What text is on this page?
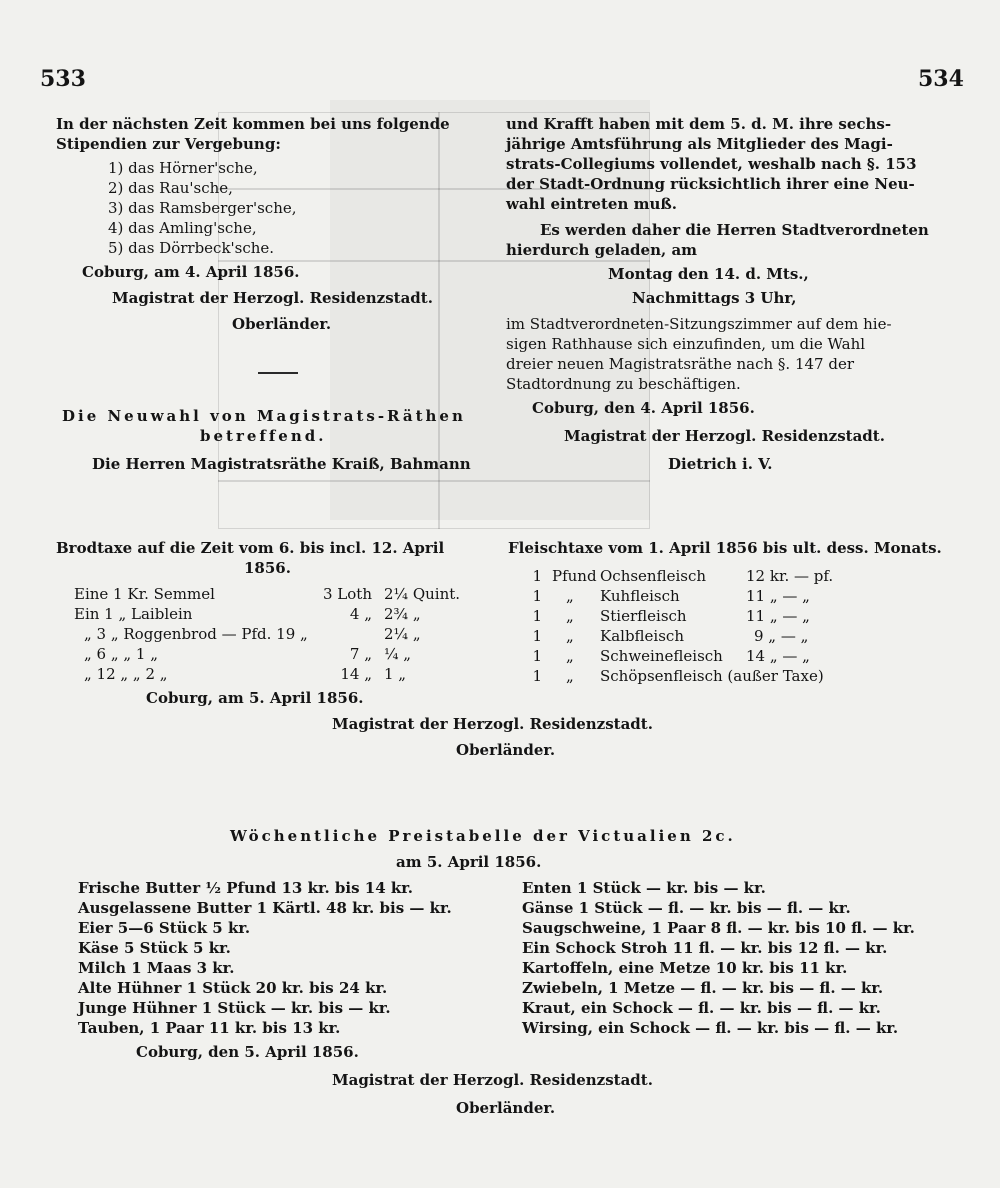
533	534
In der nächsten Zeit kommen bei uns folgende
Stipendien zur Vergebung:
1) das Hörner'sche,
2) das Rau'sche,
3) das Ramsberger'sche,
4) das Amling'sche,
5) das Dörrbeck'sche.
Coburg, am 4. April 1856.
Magistrat der Herzogl. Residenzstadt.
Oberländer.
Die Neuwahl von Magistrats-Räthen
betreffend.
Die Herren Magistratsräthe Kraiß, Bahmann
und Krafft haben mit dem 5. d. M. ihre sechs-
jährige Amtsführung als Mitglieder des Magi-
strats-Collegiums vollendet, weshalb nach §. 153
der Stadt-Ordnung rücksichtlich ihrer eine Neu-
wahl eintreten muß.
Es werden daher die Herren Stadtverordneten
hierdurch geladen, am
Montag den 14. d. Mts.,
Nachmittags 3 Uhr,
im Stadtverordneten-Sitzungszimmer auf dem hie-
sigen Rathhause sich einzufinden, um die Wahl
dreier neuen Magistratsräthe nach §. 147 der
Stadtordnung zu beschäftigen.
Coburg, den 4. April 1856.
Magistrat der Herzogl. Residenzstadt.
Dietrich i. V.
Brodtaxe auf die Zeit vom 6. bis incl. 12. April
1856.
Eine 1 Kr. Semmel	3 Loth 2¼ Quint.
Ein 1 „ Laiblein	4 „ 2¾ „
„ 3 „ Roggenbrod — Pfd. 19 „	2¼ „
„ 6 „ „ 1 „	7 „ ¼ „
„ 12 „ „ 2 „	14 „ 1 „
Coburg, am 5. April 1856.
Magistrat der Herzogl. Residenzstadt.
Oberländer.
Fleischtaxe vom 1. April 1856 bis ult. dess. Monats.
1 Pfund Ochsenfleisch	12 kr. — pf.
1 „ Kuhfleisch	11 „ — „
1 „ Stierfleisch	11 „ — „
1 „ Kalbfleisch	9 „ — „
1 „ Schweinefleisch 14 „ — „
1 „ Schöpsenfleisch (außer Taxe)
Wöchentliche Preistabelle der Victualien 2c.
am 5. April 1856.
Frische Butter ½ Pfund 13 kr. bis 14 kr.
Ausgelassene Butter 1 Kärtl. 48 kr. bis — kr.
Eier 5—6 Stück 5 kr.
Käse 5 Stück 5 kr.
Milch 1 Maas 3 kr.
Alte Hühner 1 Stück 20 kr. bis 24 kr.
Junge Hühner 1 Stück — kr. bis — kr.
Tauben, 1 Paar 11 kr. bis 13 kr.
Enten 1 Stück — kr. bis — kr.
Gänse 1 Stück — fl. — kr. bis — fl. — kr.
Saugschweine, 1 Paar 8 fl. — kr. bis 10 fl. — kr.
Ein Schock Stroh 11 fl. — kr. bis 12 fl. — kr.
Kartoffeln, eine Metze 10 kr. bis 11 kr.
Zwiebeln, 1 Metze — fl. — kr. bis — fl. — kr.
Kraut, ein Schock — fl. — kr. bis — fl. — kr.
Wirsing, ein Schock — fl. — kr. bis — fl. — kr.
Coburg, den 5. April 1856.
Magistrat der Herzogl. Residenzstadt.
Oberländer.
